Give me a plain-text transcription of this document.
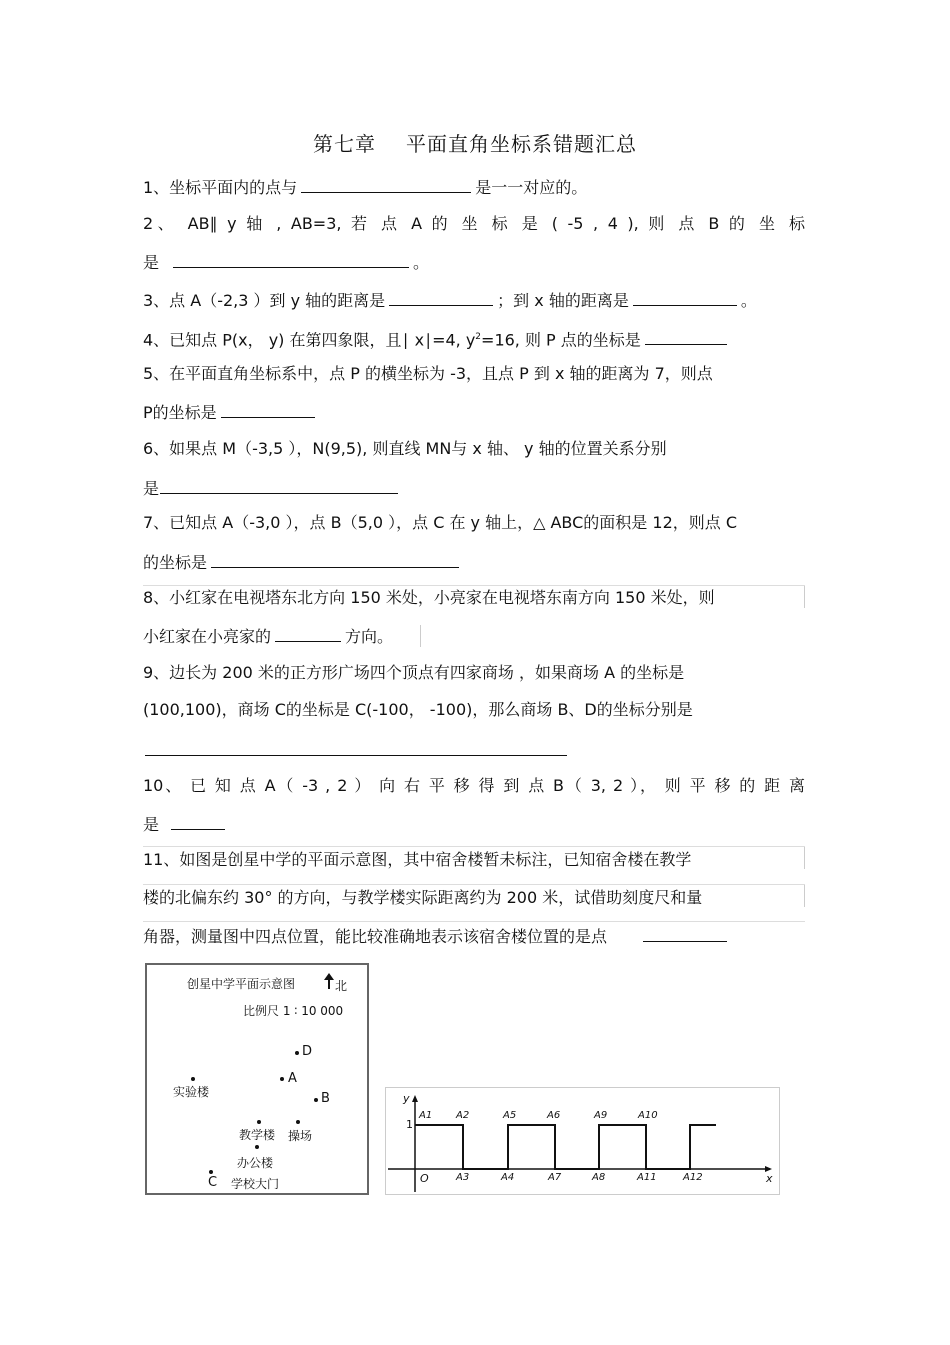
第七章 平面直角坐标系错题汇总
1、坐标平面内的点与	是一一对应的。
2、 AB∥ y 轴 , AB=3, 若 点 A 的 坐 标 是 ( -5 , 4 ), 则 点 B 的 坐 标
是	。
3、点 A（-2,3 ）到 y 轴的距离是	；到 x 轴的距离是	。
4、已知点 P(x， y) 在第四象限，且∣ x∣=4, $y^2=16$, 则 P 点的坐标是
5、在平面直角坐标系中，点 P 的横坐标为 -3，且点 P 到 x 轴的距离为 7，则点
P的坐标是
6、如果点 M（-3,5 ），N(9,5), 则直线 MN与 x 轴、 y 轴的位置关系分别
是
7、已知点 A（-3,0 ），点 B（5,0 ），点 C 在 y 轴上，△ ABC的面积是 12，则点 C
的坐标是
8、小红家在电视塔东北方向 150 米处，小亮家在电视塔东南方向 150 米处，则
小红家在小亮家的	方向。
9、边长为 200 米的正方形广场四个顶点有四家商场 ，如果商场 A 的坐标是
(100,100)，商场 C的坐标是 C(-100， -100)，那么商场 B、D的坐标分别是
10、 已 知 点 A（ -3 , 2 ） 向 右 平 移 得 到 点 B（ 3, 2 ）， 则 平 移 的 距 离
是
11、如图是创星中学的平面示意图，其中宿舍楼暂未标注，已知宿舍楼在教学
楼的北偏东约 30° 的方向，与教学楼实际距离约为 200 米，试借助刻度尺和量
角器，测量图中四点位置，能比较准确地表示该宿舍楼位置的是点
创星中学平面示意图	北
比例尺 1 ∶ 10 000
D
A
B
实验楼
教学楼 操场
办公楼
C 学校大门
y
x
O
1
A1 A2	A5	A6	A9	A10
A3	A4	A7	A8	A11	A12
